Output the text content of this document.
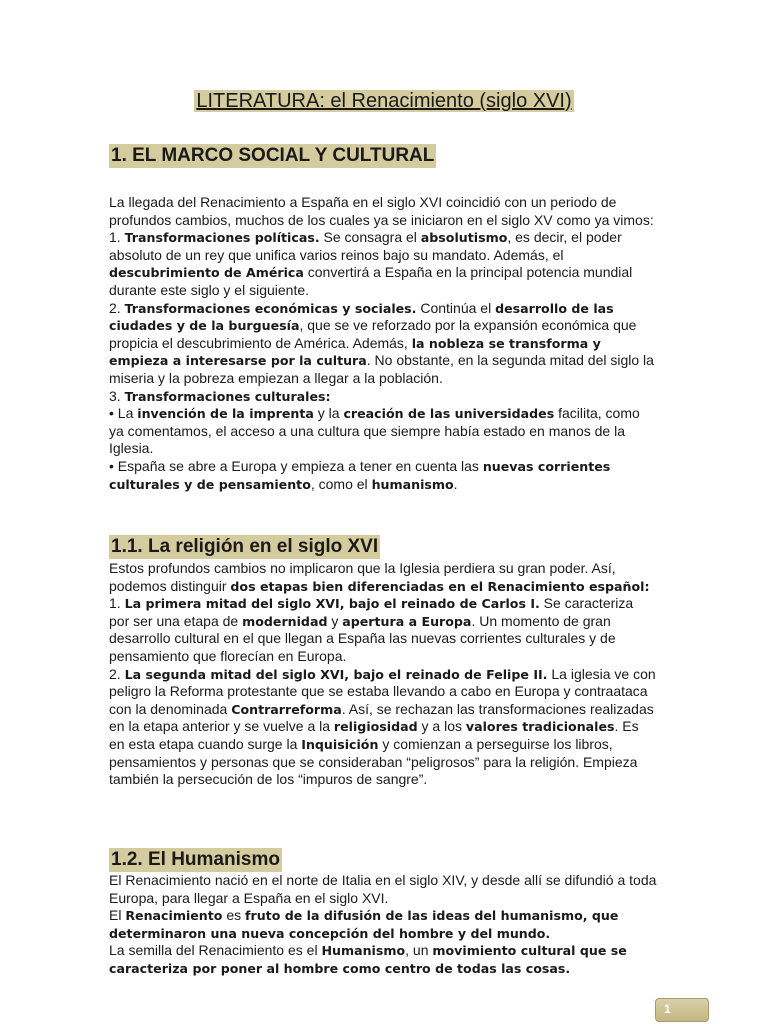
LITERATURA: el Renacimiento (siglo XVI)
1. EL MARCO SOCIAL Y CULTURAL

La llegada del Renacimiento a España en el siglo XVI coincidió con un periodo de profundos cambios, muchos de los cuales ya se iniciaron en el siglo XV como ya vimos:
1. Transformaciones políticas. Se consagra el absolutismo, es decir, el poder absoluto de un rey que unifica varios reinos bajo su mandato. Además, el descubrimiento de América convertirá a España en la principal potencia mundial durante este siglo y el siguiente.
2. Transformaciones económicas y sociales. Continúa el desarrollo de las ciudades y de la burguesía, que se ve reforzado por la expansión económica que propicia el descubrimiento de América. Además, la nobleza se transforma y empieza a interesarse por la cultura. No obstante, en la segunda mitad del siglo la miseria y la pobreza empiezan a llegar a la población.
3. Transformaciones culturales:
• La invención de la imprenta y la creación de las universidades facilita, como ya comentamos, el acceso a una cultura que siempre había estado en manos de la Iglesia.
• España se abre a Europa y empieza a tener en cuenta las nuevas corrientes culturales y de pensamiento, como el humanismo.

1.1. La religión en el siglo XVI

Estos profundos cambios no implicaron que la Iglesia perdiera su gran poder. Así, podemos distinguir dos etapas bien diferenciadas en el Renacimiento español:
1. La primera mitad del siglo XVI, bajo el reinado de Carlos I. Se caracteriza por ser una etapa de modernidad y apertura a Europa. Un momento de gran desarrollo cultural en el que llegan a España las nuevas corrientes culturales y de pensamiento que florecían en Europa.
2. La segunda mitad del siglo XVI, bajo el reinado de Felipe II. La iglesia ve con peligro la Reforma protestante que se estaba llevando a cabo en Europa y contraataca con la denominada Contrarreforma. Así, se rechazan las transformaciones realizadas en la etapa anterior y se vuelve a la religiosidad y a los valores tradicionales. Es en esta etapa cuando surge la Inquisición y comienzan a perseguirse los libros, pensamientos y personas que se consideraban “peligrosos” para la religión. Empieza también la persecución de los “impuros de sangre”.

1.2. El Humanismo

El Renacimiento nació en el norte de Italia en el siglo XIV, y desde allí se difundió a toda Europa, para llegar a España en el siglo XVI.
El Renacimiento es fruto de la difusión de las ideas del humanismo, que determinaron una nueva concepción del hombre y del mundo.
La semilla del Renacimiento es el Humanismo, un movimiento cultural que se caracteriza por poner al hombre como centro de todas las cosas.

1
